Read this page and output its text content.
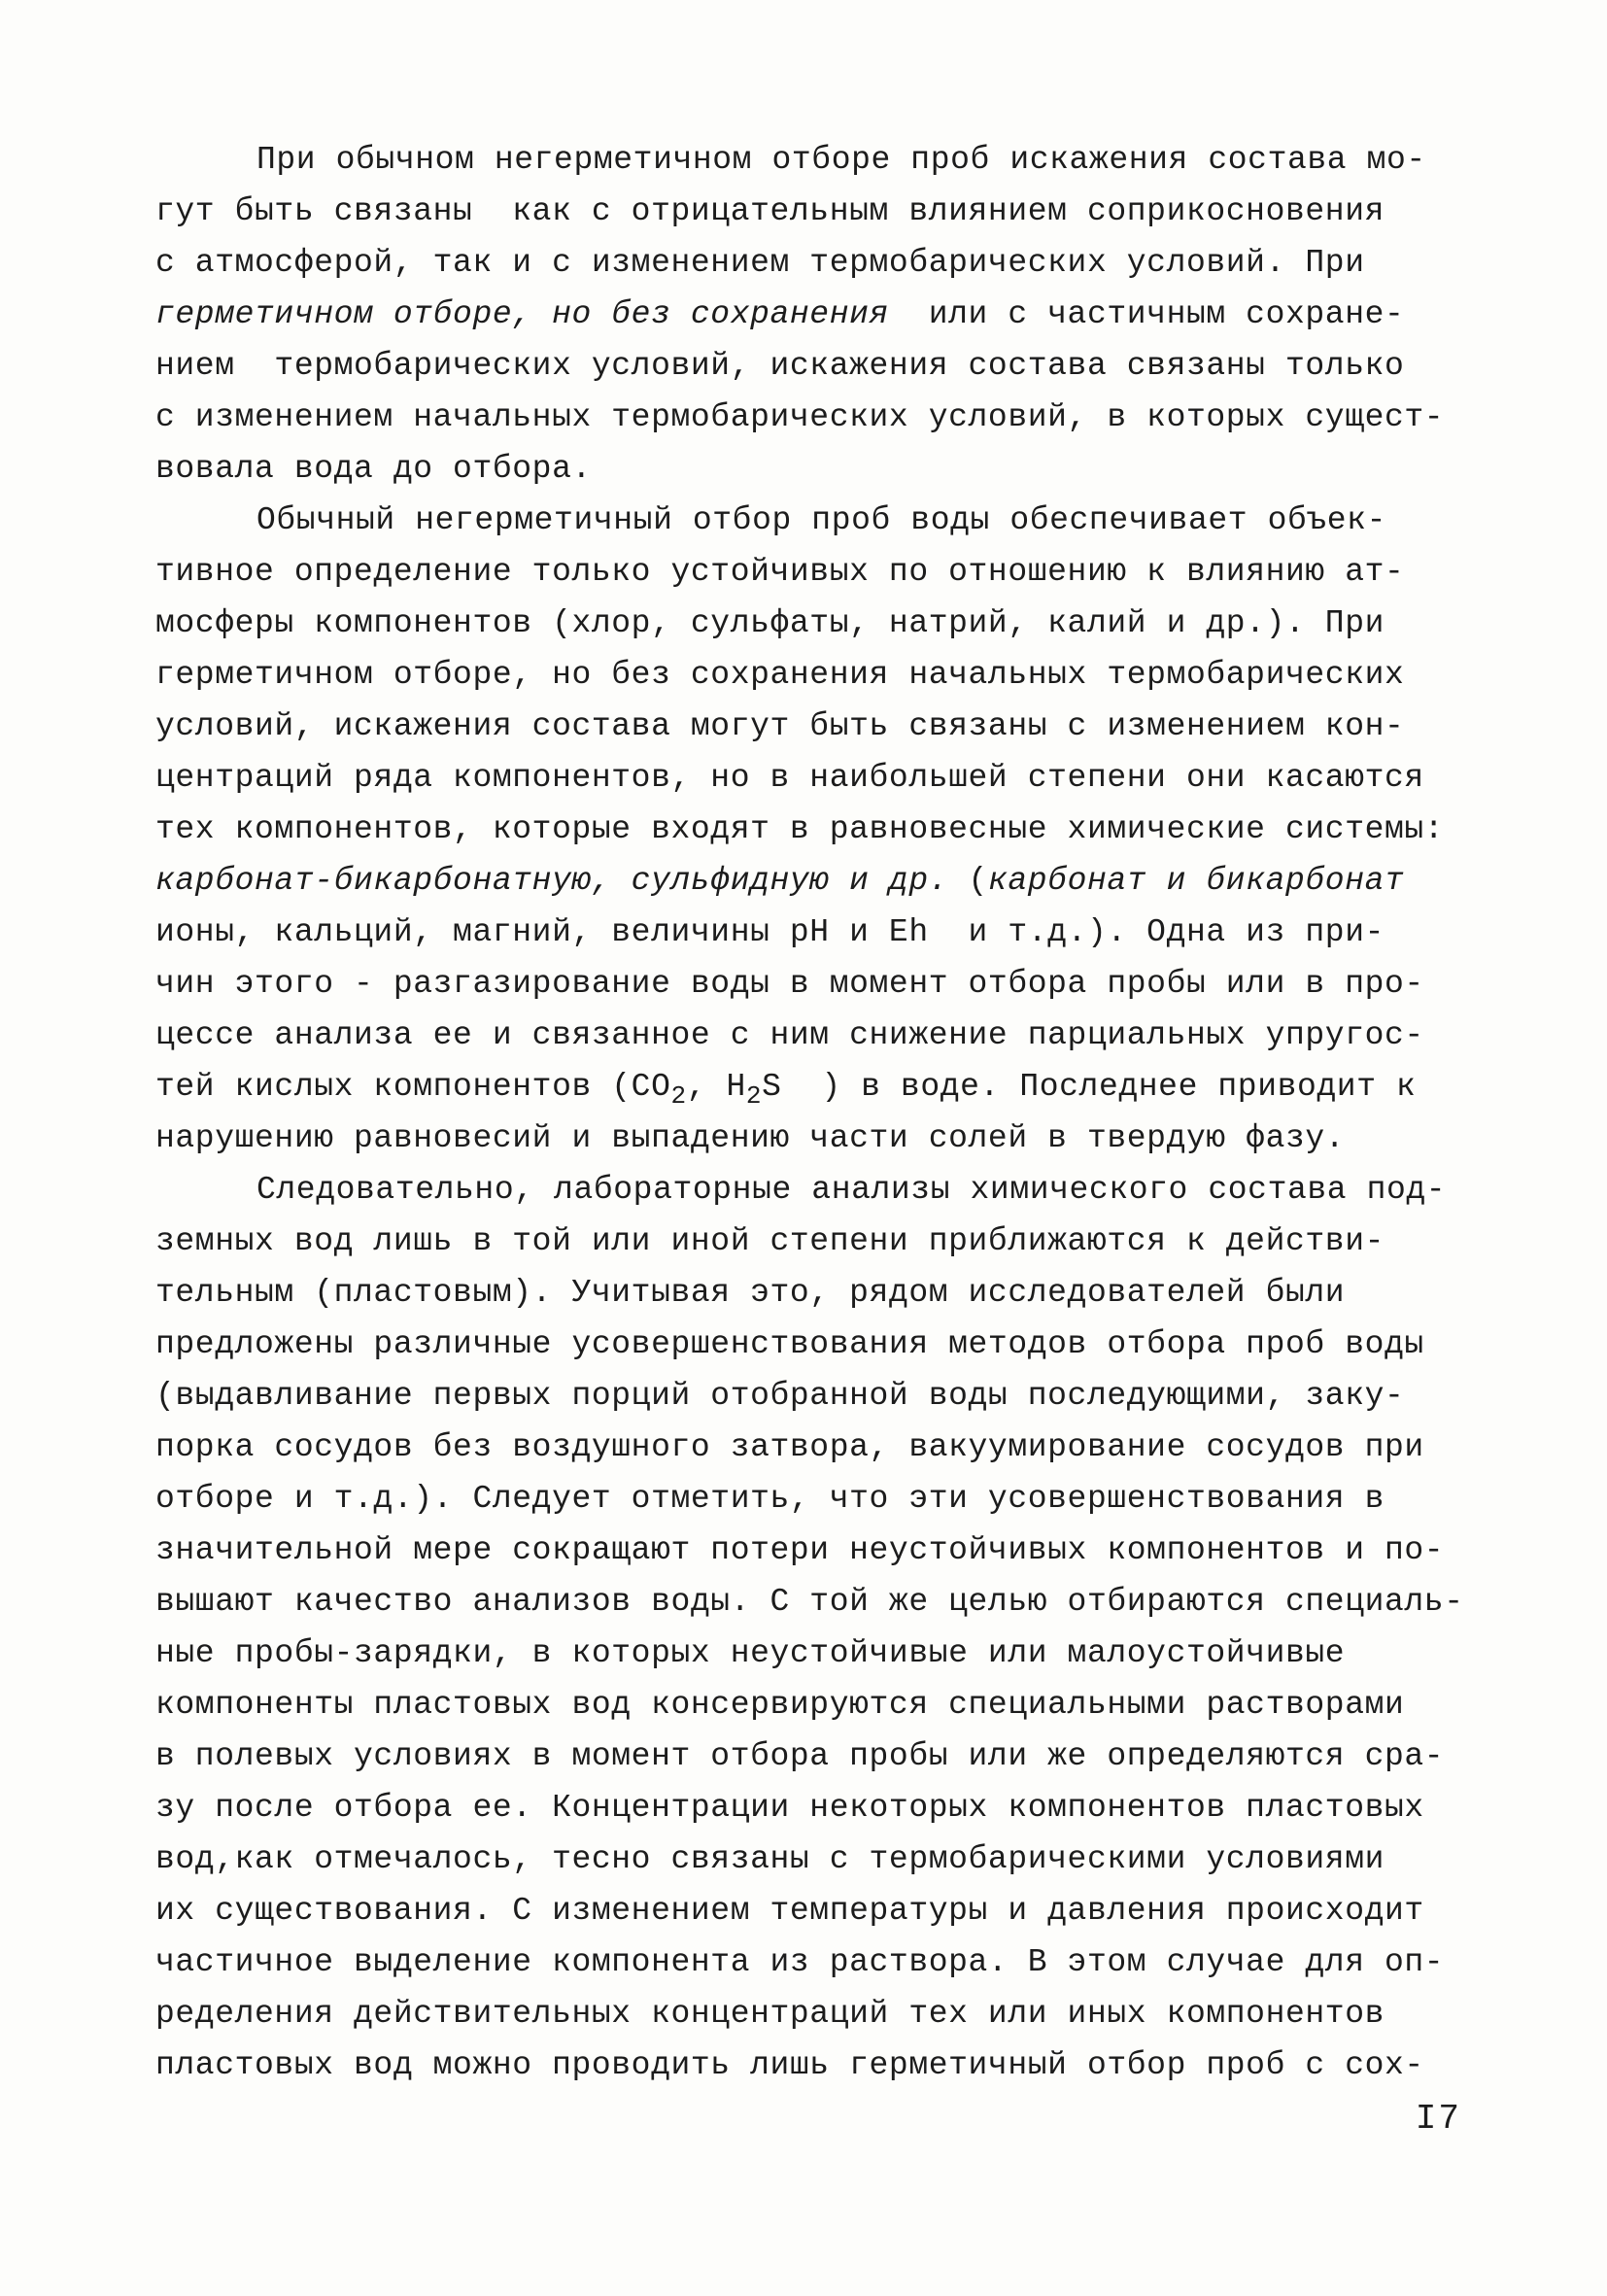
При обычном негерметичном отборе проб искажения состава мо-
гут быть связаны  как с отрицательным влиянием соприкосновения
с атмосферой, так и с изменением термобарических условий. При
герметичном отборе, но без сохранения  или с частичным сохране-
нием  термобарических условий, искажения состава связаны только
с изменением начальных термобарических условий, в которых сущест-
вовала вода до отбора.
Обычный негерметичный отбор проб воды обеспечивает объек-
тивное определение только устойчивых по отношению к влиянию ат-
мосферы компонентов (хлор, сульфаты, натрий, калий и др.). При
герметичном отборе, но без сохранения начальных термобарических
условий, искажения состава могут быть связаны с изменением кон-
центраций ряда компонентов, но в наибольшей степени они касаются
тех компонентов, которые входят в равновесные химические системы:
карбонат-бикарбонатную, сульфидную и др. (карбонат и бикарбонат
ионы, кальций, магний, величины pH и Eh  и т.д.). Одна из при-
чин этого - разгазирование воды в момент отбора пробы или в про-
цессе анализа ее и связанное с ним снижение парциальных упругос-
тей кислых компонентов ($CO_2$, $H_2S$  ) в воде. Последнее приводит к
нарушению равновесий и выпадению части солей в твердую фазу.
Следовательно, лабораторные анализы химического состава под-
земных вод лишь в той или иной степени приближаются к действи-
тельным (пластовым). Учитывая это, рядом исследователей были
предложены различные усовершенствования методов отбора проб воды
(выдавливание первых порций отобранной воды последующими, заку-
порка сосудов без воздушного затвора, вакуумирование сосудов при
отборе и т.д.). Следует отметить, что эти усовершенствования в
значительной мере сокращают потери неустойчивых компонентов и по-
вышают качество анализов воды. С той же целью отбираются специаль-
ные пробы-зарядки, в которых неустойчивые или малоустойчивые
компоненты пластовых вод консервируются специальными растворами
в полевых условиях в момент отбора пробы или же определяются сра-
зу после отбора ее. Концентрации некоторых компонентов пластовых
вод,как отмечалось, тесно связаны с термобарическими условиями
их существования. С изменением температуры и давления происходит
частичное выделение компонента из раствора. В этом случае для оп-
ределения действительных концентраций тех или иных компонентов
пластовых вод можно проводить лишь герметичный отбор проб с сох-
I7
